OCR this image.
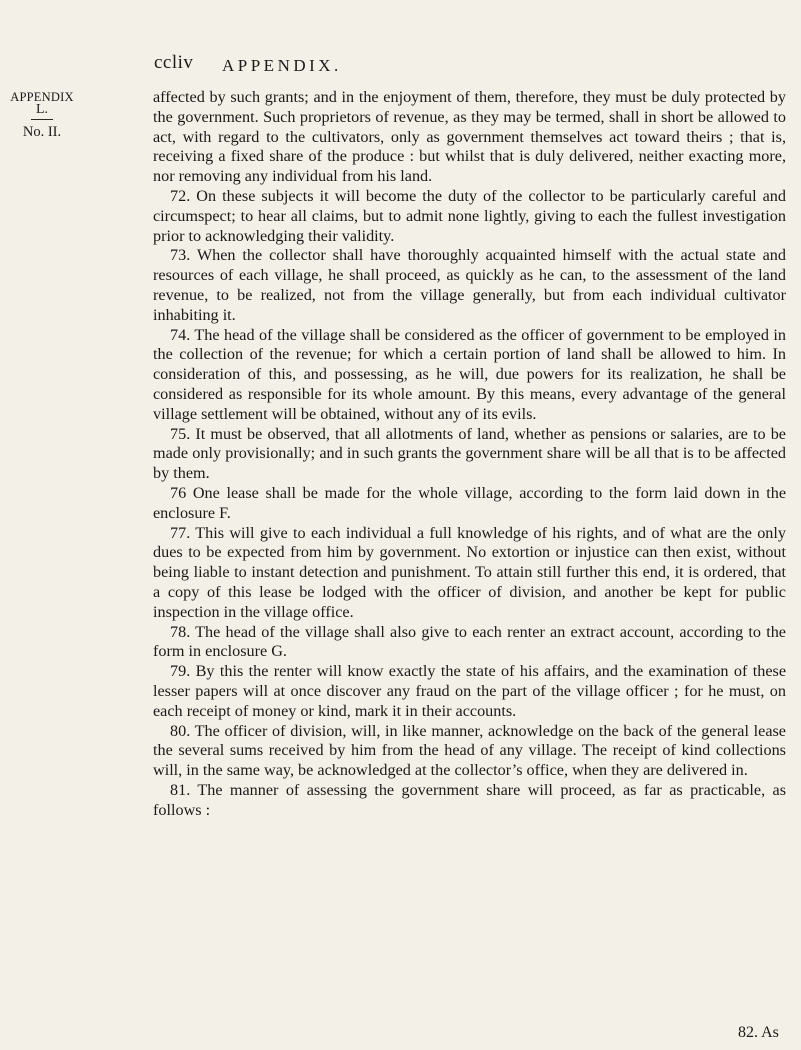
ccliv APPENDIX.
APPENDIX
L.
No. II.

affected by such grants; and in the enjoyment of them, therefore, they must be duly protected by the government. Such proprietors of revenue, as they may be termed, shall in short be allowed to act, with regard to the cultivators, only as government themselves act toward theirs ; that is, receiving a fixed share of the produce : but whilst that is duly delivered, neither exacting more, nor removing any individual from his land.

72. On these subjects it will become the duty of the collector to be particularly careful and circumspect; to hear all claims, but to admit none lightly, giving to each the fullest investigation prior to acknowledging their validity.

73. When the collector shall have thoroughly acquainted himself with the actual state and resources of each village, he shall proceed, as quickly as he can, to the assessment of the land revenue, to be realized, not from the village generally, but from each individual cultivator inhabiting it.

74. The head of the village shall be considered as the officer of government to be employed in the collection of the revenue; for which a certain portion of land shall be allowed to him. In consideration of this, and possessing, as he will, due powers for its realization, he shall be considered as responsible for its whole amount. By this means, every advantage of the general village settlement will be obtained, without any of its evils.

75. It must be observed, that all allotments of land, whether as pensions or salaries, are to be made only provisionally; and in such grants the government share will be all that is to be affected by them.

76 One lease shall be made for the whole village, according to the form laid down in the enclosure F.

77. This will give to each individual a full knowledge of his rights, and of what are the only dues to be expected from him by government. No extortion or injustice can then exist, without being liable to instant detection and punishment. To attain still further this end, it is ordered, that a copy of this lease be lodged with the officer of division, and another be kept for public inspection in the village office.

78. The head of the village shall also give to each renter an extract account, according to the form in enclosure G.

79. By this the renter will know exactly the state of his affairs, and the examination of these lesser papers will at once discover any fraud on the part of the village officer ; for he must, on each receipt of money or kind, mark it in their accounts.

80. The officer of division, will, in like manner, acknowledge on the back of the general lease the several sums received by him from the head of any village. The receipt of kind collections will, in the same way, be acknowledged at the collector’s office, when they are delivered in.

81. The manner of assessing the government share will proceed, as far as practicable, as follows :

82. As
